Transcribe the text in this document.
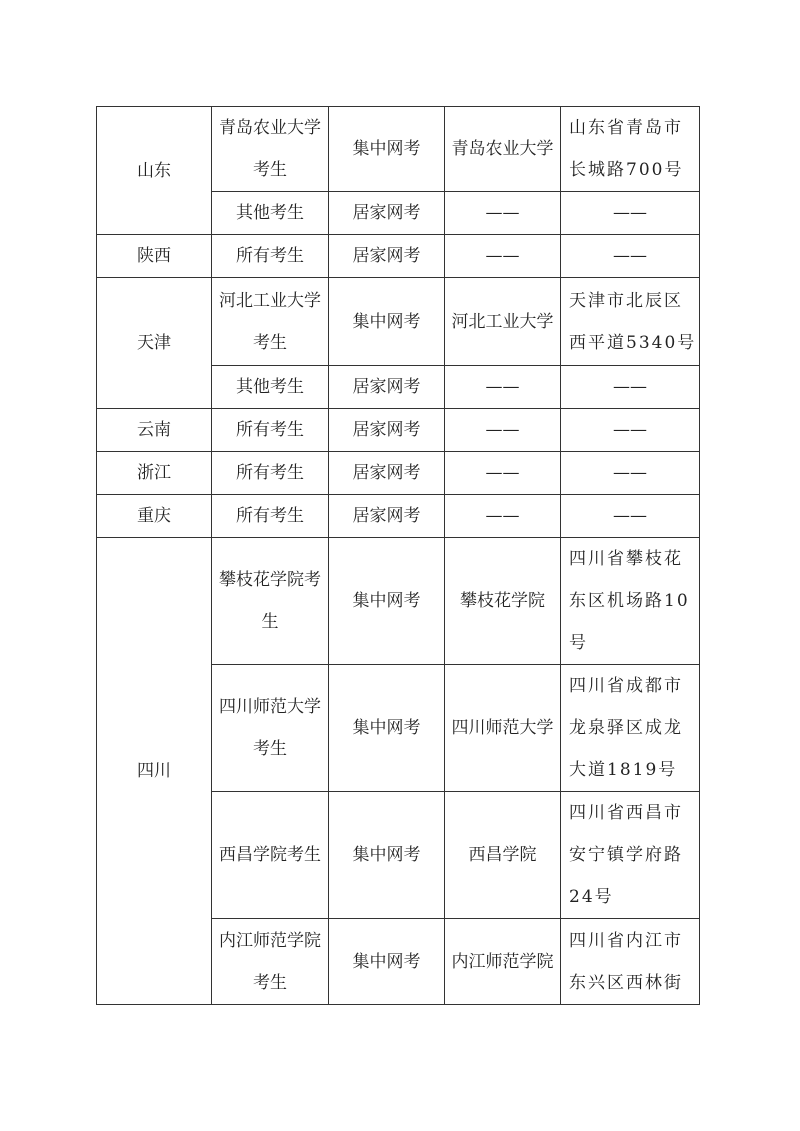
山东	青岛农业大学考生	集中网考	青岛农业大学	山东省青岛市长城路700号
	其他考生	居家网考	——	——
陕西	所有考生	居家网考	——	——
天津	河北工业大学考生	集中网考	河北工业大学	天津市北辰区西平道5340号
	其他考生	居家网考	——	——
云南	所有考生	居家网考	——	——
浙江	所有考生	居家网考	——	——
重庆	所有考生	居家网考	——	——
四川	攀枝花学院考生	集中网考	攀枝花学院	四川省攀枝花东区机场路10号
	四川师范大学考生	集中网考	四川师范大学	四川省成都市龙泉驿区成龙大道1819号
	西昌学院考生	集中网考	西昌学院	四川省西昌市安宁镇学府路24号
	内江师范学院考生	集中网考	内江师范学院	四川省内江市东兴区西林街
